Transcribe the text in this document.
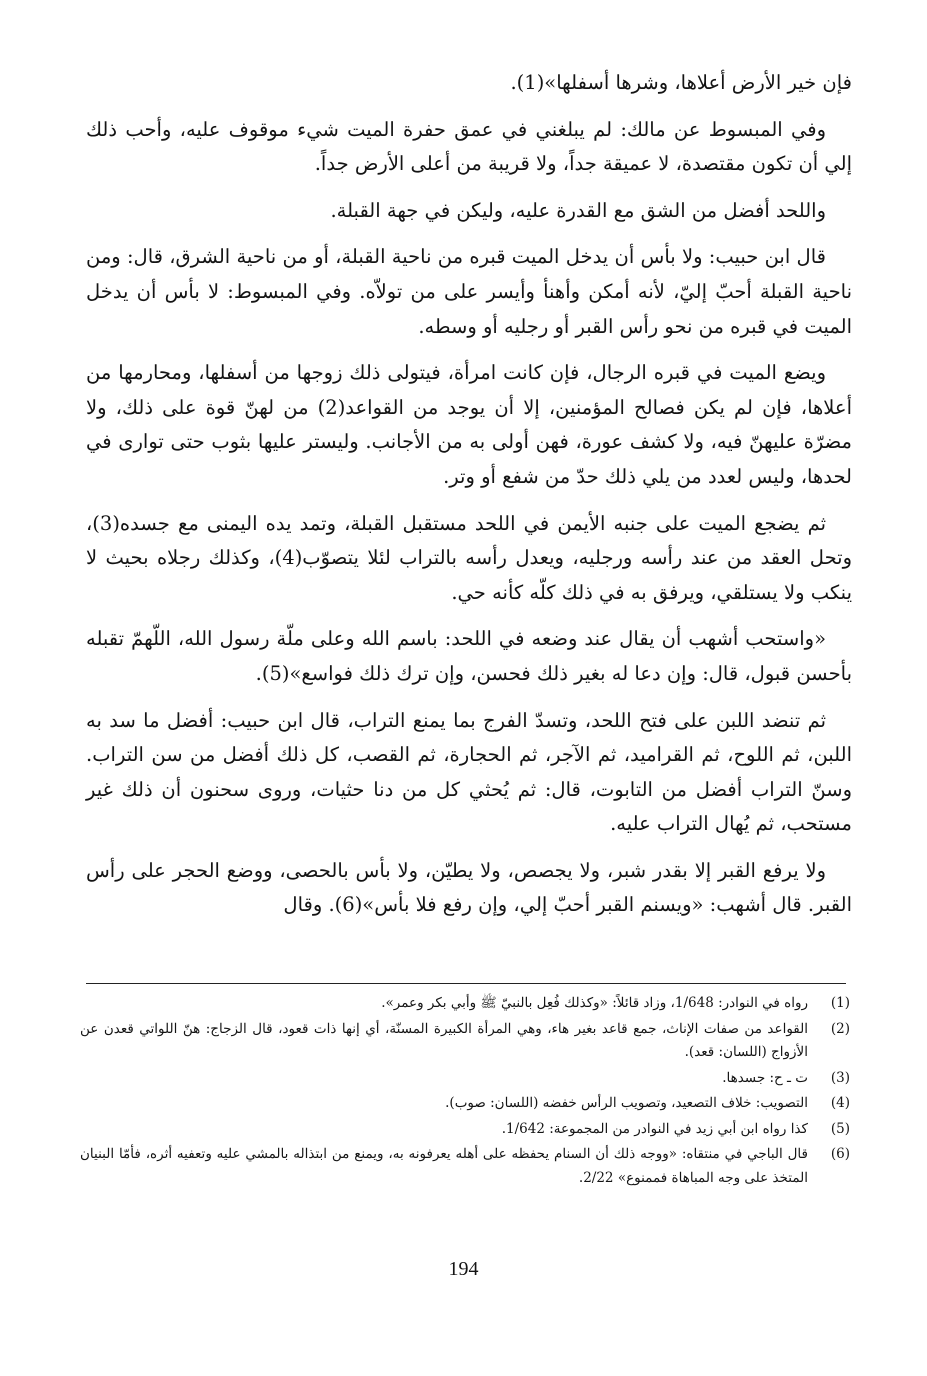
فإن خير الأرض أعلاها، وشرها أسفلها»(1).

وفي المبسوط عن مالك: لم يبلغني في عمق حفرة الميت شيء موقوف عليه، وأحب ذلك إلي أن تكون مقتصدة، لا عميقة جداً، ولا قريبة من أعلى الأرض جداً.

واللحد أفضل من الشق مع القدرة عليه، وليكن في جهة القبلة.

قال ابن حبيب: ولا بأس أن يدخل الميت قبره من ناحية القبلة، أو من ناحية الشرق، قال: ومن ناحية القبلة أحبّ إليّ، لأنه أمكن وأهنأ وأيسر على من تولاّه. وفي المبسوط: لا بأس أن يدخل الميت في قبره من نحو رأس القبر أو رجليه أو وسطه.

ويضع الميت في قبره الرجال، فإن كانت امرأة، فيتولى ذلك زوجها من أسفلها، ومحارمها من أعلاها، فإن لم يكن فصالح المؤمنين، إلا أن يوجد من القواعد(2) من لهنّ قوة على ذلك، ولا مضرّة عليهنّ فيه، ولا كشف عورة، فهن أولى به من الأجانب. وليستر عليها بثوب حتى توارى في لحدها، وليس لعدد من يلي ذلك حدّ من شفع أو وتر.

ثم يضجع الميت على جنبه الأيمن في اللحد مستقبل القبلة، وتمد يده اليمنى مع جسده(3)، وتحل العقد من عند رأسه ورجليه، ويعدل رأسه بالتراب لئلا يتصوّب(4)، وكذلك رجلاه بحيث لا ينكب ولا يستلقي، ويرفق به في ذلك كلّه كأنه حي.

«واستحب أشهب أن يقال عند وضعه في اللحد: باسم الله وعلى ملّة رسول الله، اللّهمّ تقبله بأحسن قبول، قال: وإن دعا له بغير ذلك فحسن، وإن ترك ذلك فواسع»(5).

ثم تنضد اللبن على فتح اللحد، وتسدّ الفرج بما يمنع التراب، قال ابن حبيب: أفضل ما سد به اللبن، ثم اللوح، ثم القراميد، ثم الآجر، ثم الحجارة، ثم القصب، كل ذلك أفضل من سن التراب. وسنّ التراب أفضل من التابوت، قال: ثم يُحثي كل من دنا حثيات، وروى سحنون أن ذلك غير مستحب، ثم يُهال التراب عليه.

ولا يرفع القبر إلا بقدر شبر، ولا يجصص، ولا يطيّن، ولا بأس بالحصى، ووضع الحجر على رأس القبر. قال أشهب: «ويسنم القبر أحبّ إلي، وإن رفع فلا بأس»(6). وقال

(1)
رواه في النوادر: 1/648، وزاد قائلاً: «وكذلك فُعِل بالنبيّ ﷺ وأبي بكر وعمر».
(2)
القواعد من صفات الإناث، جمع قاعد بغير هاء، وهي المرأة الكبيرة المسنّة، أي إنها ذات قعود، قال الزجاج: هنّ اللواتي قعدن عن الأزواج (اللسان: قعد).
(3)
ت ـ ح: جسدها.
(4)
التصويب: خلاف التصعيد، وتصويب الرأس خفضه (اللسان: صوب).
(5)
كذا رواه ابن أبي زيد في النوادر من المجموعة: 1/642.
(6)
قال الباجي في منتقاه: «ووجه ذلك أن السنام يحفظه على أهله يعرفونه به، ويمنع من ابتذاله بالمشي عليه وتعفيه أثره، فأمّا البنيان المتخذ على وجه المباهاة فممنوع» 2/22.
194
